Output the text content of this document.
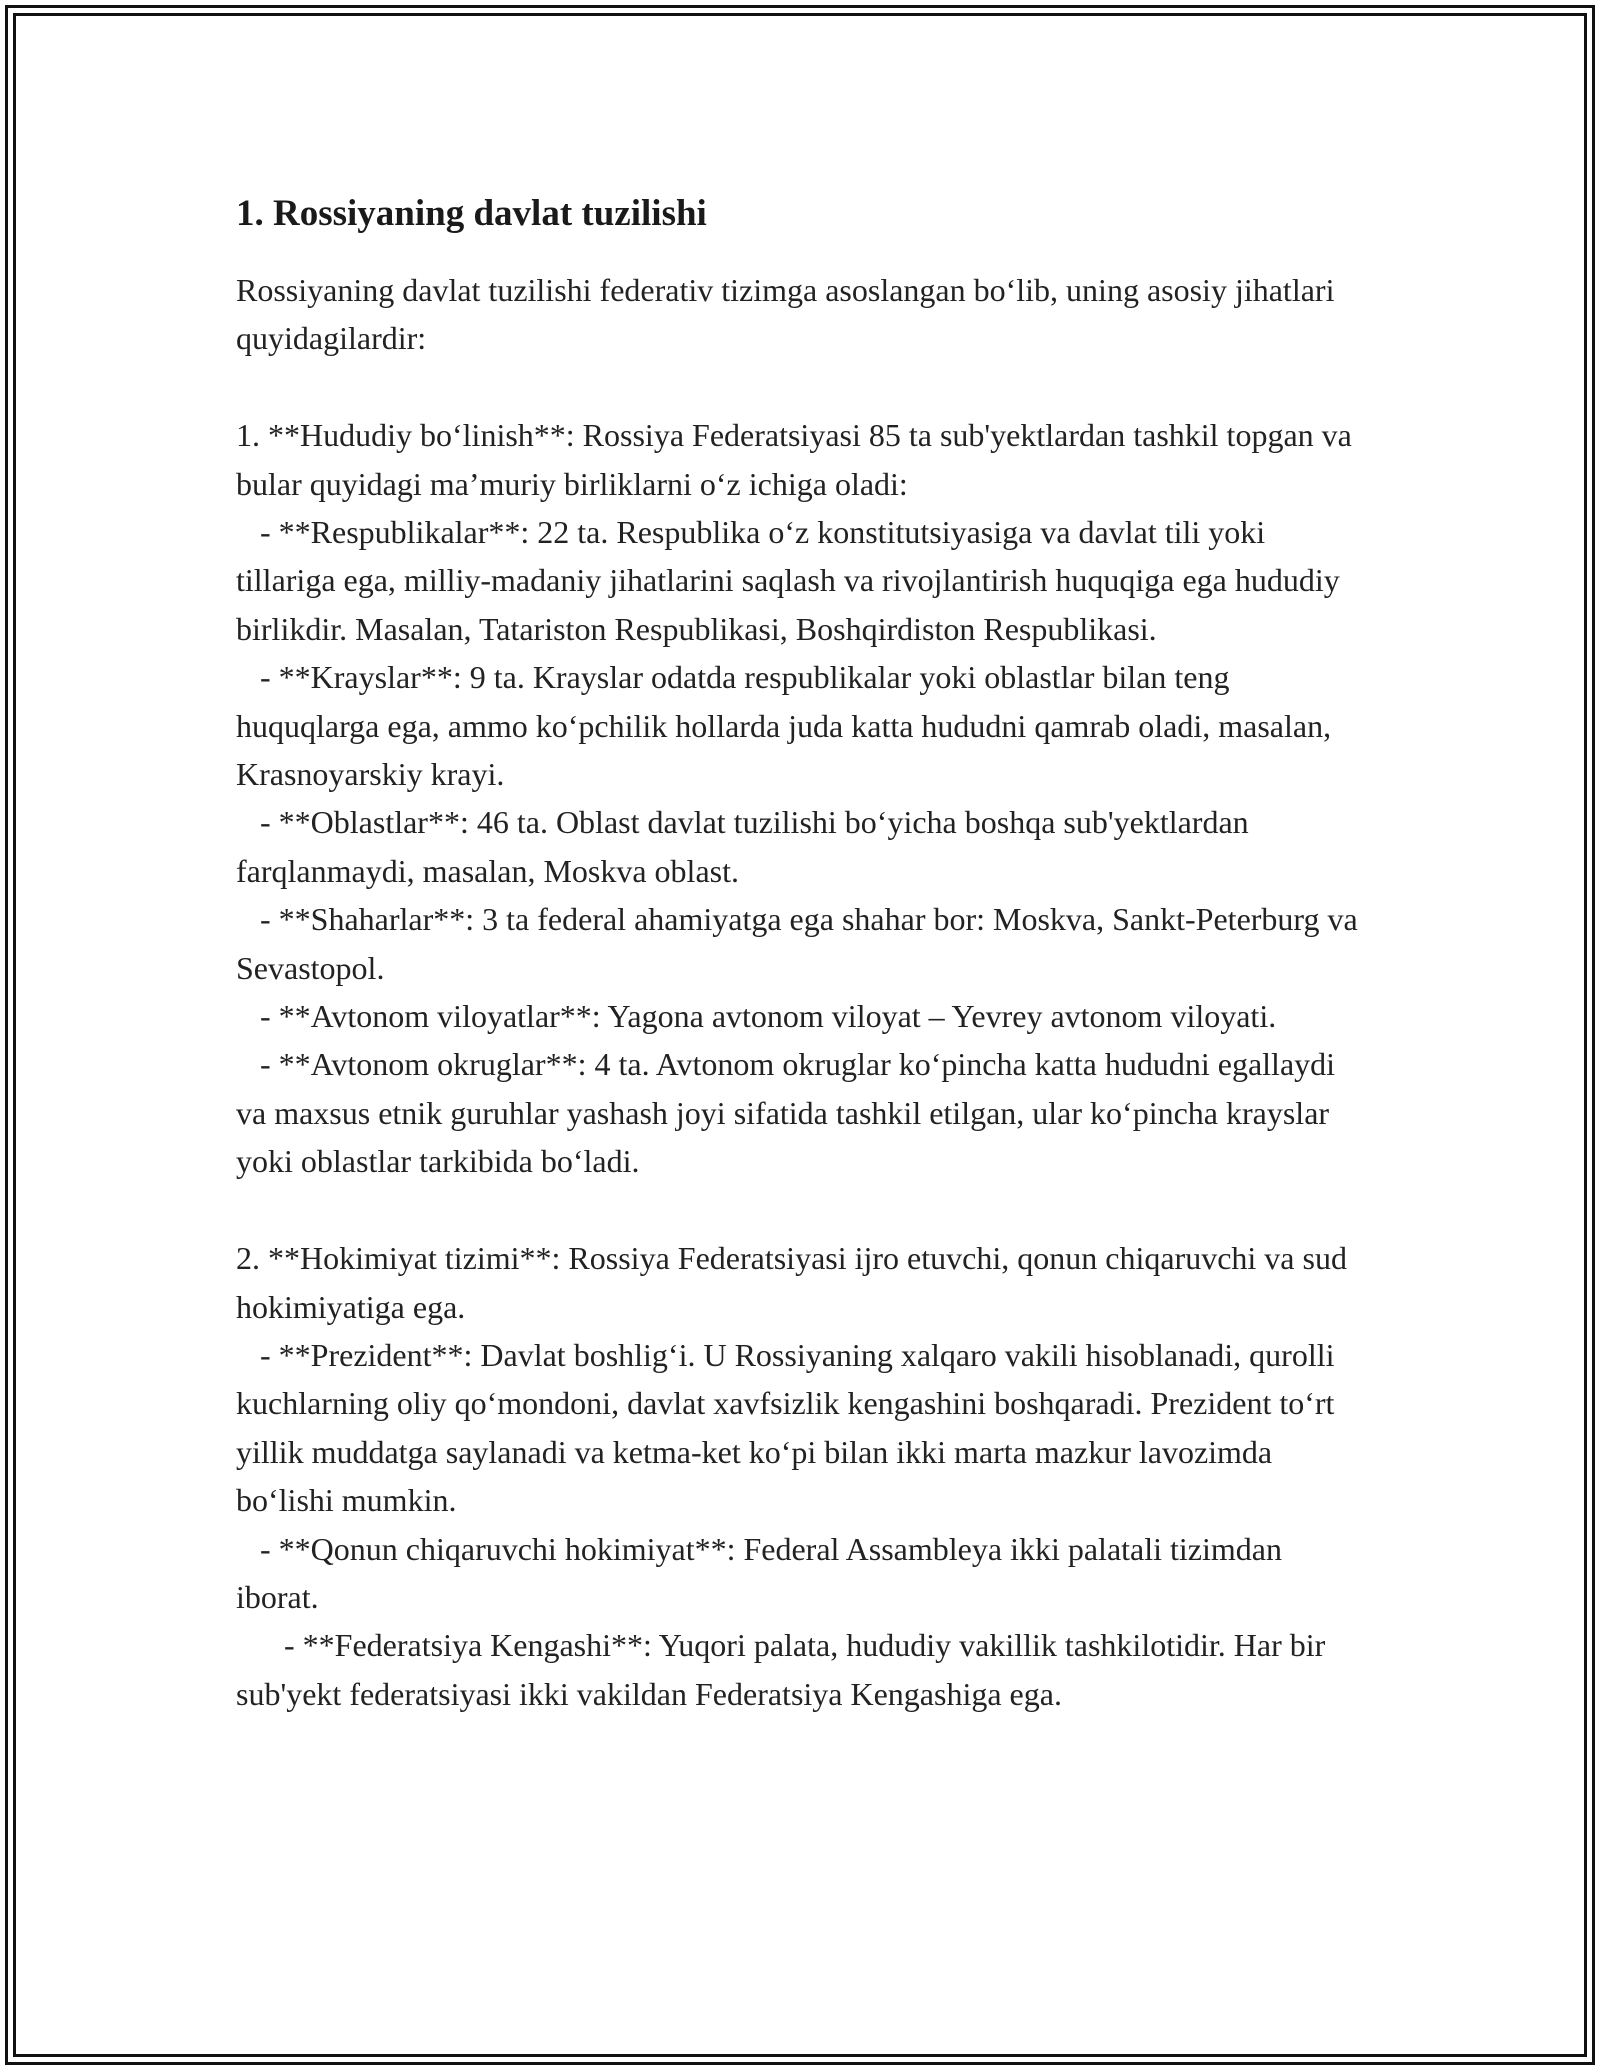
1. Rossiyaning davlat tuzilishi

Rossiyaning davlat tuzilishi federativ tizimga asoslangan bo‘lib, uning asosiy jihatlari quyidagilardir:

1. **Hududiy bo‘linish**: Rossiya Federatsiyasi 85 ta sub'yektlardan tashkil topgan va bular quyidagi ma’muriy birliklarni o‘z ichiga oladi:

- **Respublikalar**: 22 ta. Respublika o‘z konstitutsiyasiga va davlat tili yoki tillariga ega, milliy-madaniy jihatlarini saqlash va rivojlantirish huquqiga ega hududiy birlikdir. Masalan, Tatariston Respublikasi, Boshqirdiston Respublikasi.

- **Krayslar**: 9 ta. Krayslar odatda respublikalar yoki oblastlar bilan teng huquqlarga ega, ammo ko‘pchilik hollarda juda katta hududni qamrab oladi, masalan, Krasnoyarskiy krayi.

- **Oblastlar**: 46 ta. Oblast davlat tuzilishi bo‘yicha boshqa sub'yektlardan farqlanmaydi, masalan, Moskva oblast.

- **Shaharlar**: 3 ta federal ahamiyatga ega shahar bor: Moskva, Sankt-Peterburg va Sevastopol.

- **Avtonom viloyatlar**: Yagona avtonom viloyat – Yevrey avtonom viloyati.

- **Avtonom okruglar**: 4 ta. Avtonom okruglar ko‘pincha katta hududni egallaydi va maxsus etnik guruhlar yashash joyi sifatida tashkil etilgan, ular ko‘pincha krayslar yoki oblastlar tarkibida bo‘ladi.

2. **Hokimiyat tizimi**: Rossiya Federatsiyasi ijro etuvchi, qonun chiqaruvchi va sud hokimiyatiga ega.

- **Prezident**: Davlat boshlig‘i. U Rossiyaning xalqaro vakili hisoblanadi, qurolli kuchlarning oliy qo‘mondoni, davlat xavfsizlik kengashini boshqaradi. Prezident to‘rt yillik muddatga saylanadi va ketma-ket ko‘pi bilan ikki marta mazkur lavozimda bo‘lishi mumkin.

- **Qonun chiqaruvchi hokimiyat**: Federal Assambleya ikki palatali tizimdan iborat.

- **Federatsiya Kengashi**: Yuqori palata, hududiy vakillik tashkilotidir. Har bir sub'yekt federatsiyasi ikki vakildan Federatsiya Kengashiga ega.
